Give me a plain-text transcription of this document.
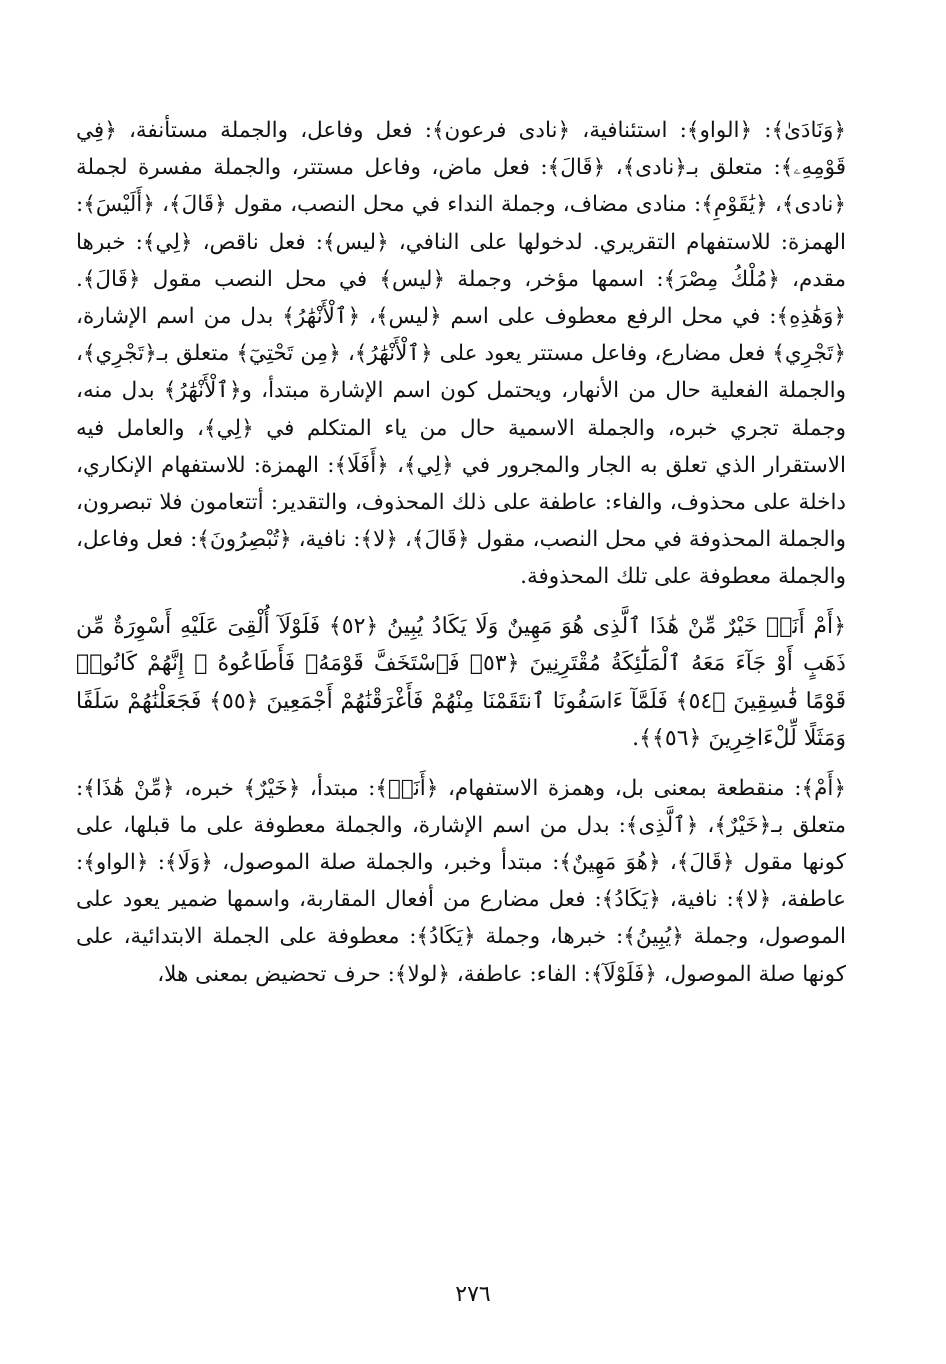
﴿وَنَادَىٰ﴾: ﴿الواو﴾: استئنافية، ﴿نادى فرعون﴾: فعل وفاعل، والجملة مستأنفة، ﴿فِي قَوْمِهِۦ﴾: متعلق بـ﴿نادى﴾، ﴿قَالَ﴾: فعل ماض، وفاعل مستتر، والجملة مفسرة لجملة ﴿نادى﴾، ﴿يَٰقَوْمِ﴾: منادى مضاف، وجملة النداء في محل النصب، مقول ﴿قَالَ﴾، ﴿أَلَيْسَ﴾: الهمزة: للاستفهام التقريري. لدخولها على النافي، ﴿ليس﴾: فعل ناقص، ﴿لِي﴾: خبرها مقدم، ﴿مُلْكُ مِصْرَ﴾: اسمها مؤخر، وجملة ﴿ليس﴾ في محل النصب مقول ﴿قَالَ﴾. ﴿وَهَٰذِهِ﴾: في محل الرفع معطوف على اسم ﴿ليس﴾، ﴿ٱلْأَنْهَٰرُ﴾ بدل من اسم الإشارة، ﴿تَجْرِي﴾ فعل مضارع، وفاعل مستتر يعود على ﴿ٱلْأَنْهَٰرُ﴾، ﴿مِن تَحْتِيٓ﴾ متعلق بـ﴿تَجْرِي﴾، والجملة الفعلية حال من الأنهار، ويحتمل كون اسم الإشارة مبتدأ، و﴿ٱلْأَنْهَٰرُ﴾ بدل منه، وجملة تجري خبره، والجملة الاسمية حال من ياء المتكلم في ﴿لِي﴾، والعامل فيه الاستقرار الذي تعلق به الجار والمجرور في ﴿لِي﴾، ﴿أَفَلَا﴾: الهمزة: للاستفهام الإنكاري، داخلة على محذوف، والفاء: عاطفة على ذلك المحذوف، والتقدير: أتتعامون فلا تبصرون، والجملة المحذوفة في محل النصب، مقول ﴿قَالَ﴾، ﴿لا﴾: نافية، ﴿تُبْصِرُونَ﴾: فعل وفاعل، والجملة معطوفة على تلك المحذوفة.

﴿أَمْ أَنَا۠ خَيْرٌ مِّنْ هَٰذَا ٱلَّذِى هُوَ مَهِينٌ وَلَا يَكَادُ يُبِينُ ﴿٥٢﴾ فَلَوْلَآ أُلْقِىَ عَلَيْهِ أَسْوِرَةٌ مِّن ذَهَبٍ أَوْ جَآءَ مَعَهُ ٱلْمَلَٰٓئِكَةُ مُقْتَرِنِينَ ﴿٥٣﴾ فَٱسْتَخَفَّ قَوْمَهُۥ فَأَطَاعُوهُ ۚ إِنَّهُمْ كَانُوا۟ قَوْمًا فَٰسِقِينَ ﴿٥٤﴾ فَلَمَّآ ءَاسَفُونَا ٱنتَقَمْنَا مِنْهُمْ فَأَغْرَقْنَٰهُمْ أَجْمَعِينَ ﴿٥٥﴾ فَجَعَلْنَٰهُمْ سَلَفًا وَمَثَلًا لِّلْءَاخِرِينَ ﴿٥٦﴾﴾.

﴿أَمْ﴾: منقطعة بمعنى بل، وهمزة الاستفهام، ﴿أَنَا۠﴾: مبتدأ، ﴿خَيْرٌ﴾ خبره، ﴿مِّنْ هَٰذَا﴾: متعلق بـ﴿خَيْرٌ﴾، ﴿ٱلَّذِى﴾: بدل من اسم الإشارة، والجملة معطوفة على ما قبلها، على كونها مقول ﴿قَالَ﴾، ﴿هُوَ مَهِينٌ﴾: مبتدأ وخبر، والجملة صلة الموصول، ﴿وَلَا﴾: ﴿الواو﴾: عاطفة، ﴿لا﴾: نافية، ﴿يَكَادُ﴾: فعل مضارع من أفعال المقاربة، واسمها ضمير يعود على الموصول، وجملة ﴿يُبِينُ﴾: خبرها، وجملة ﴿يَكَادُ﴾: معطوفة على الجملة الابتدائية، على كونها صلة الموصول، ﴿فَلَوْلَآ﴾: الفاء: عاطفة، ﴿لولا﴾: حرف تحضيض بمعنى هلا،

٢٧٦
